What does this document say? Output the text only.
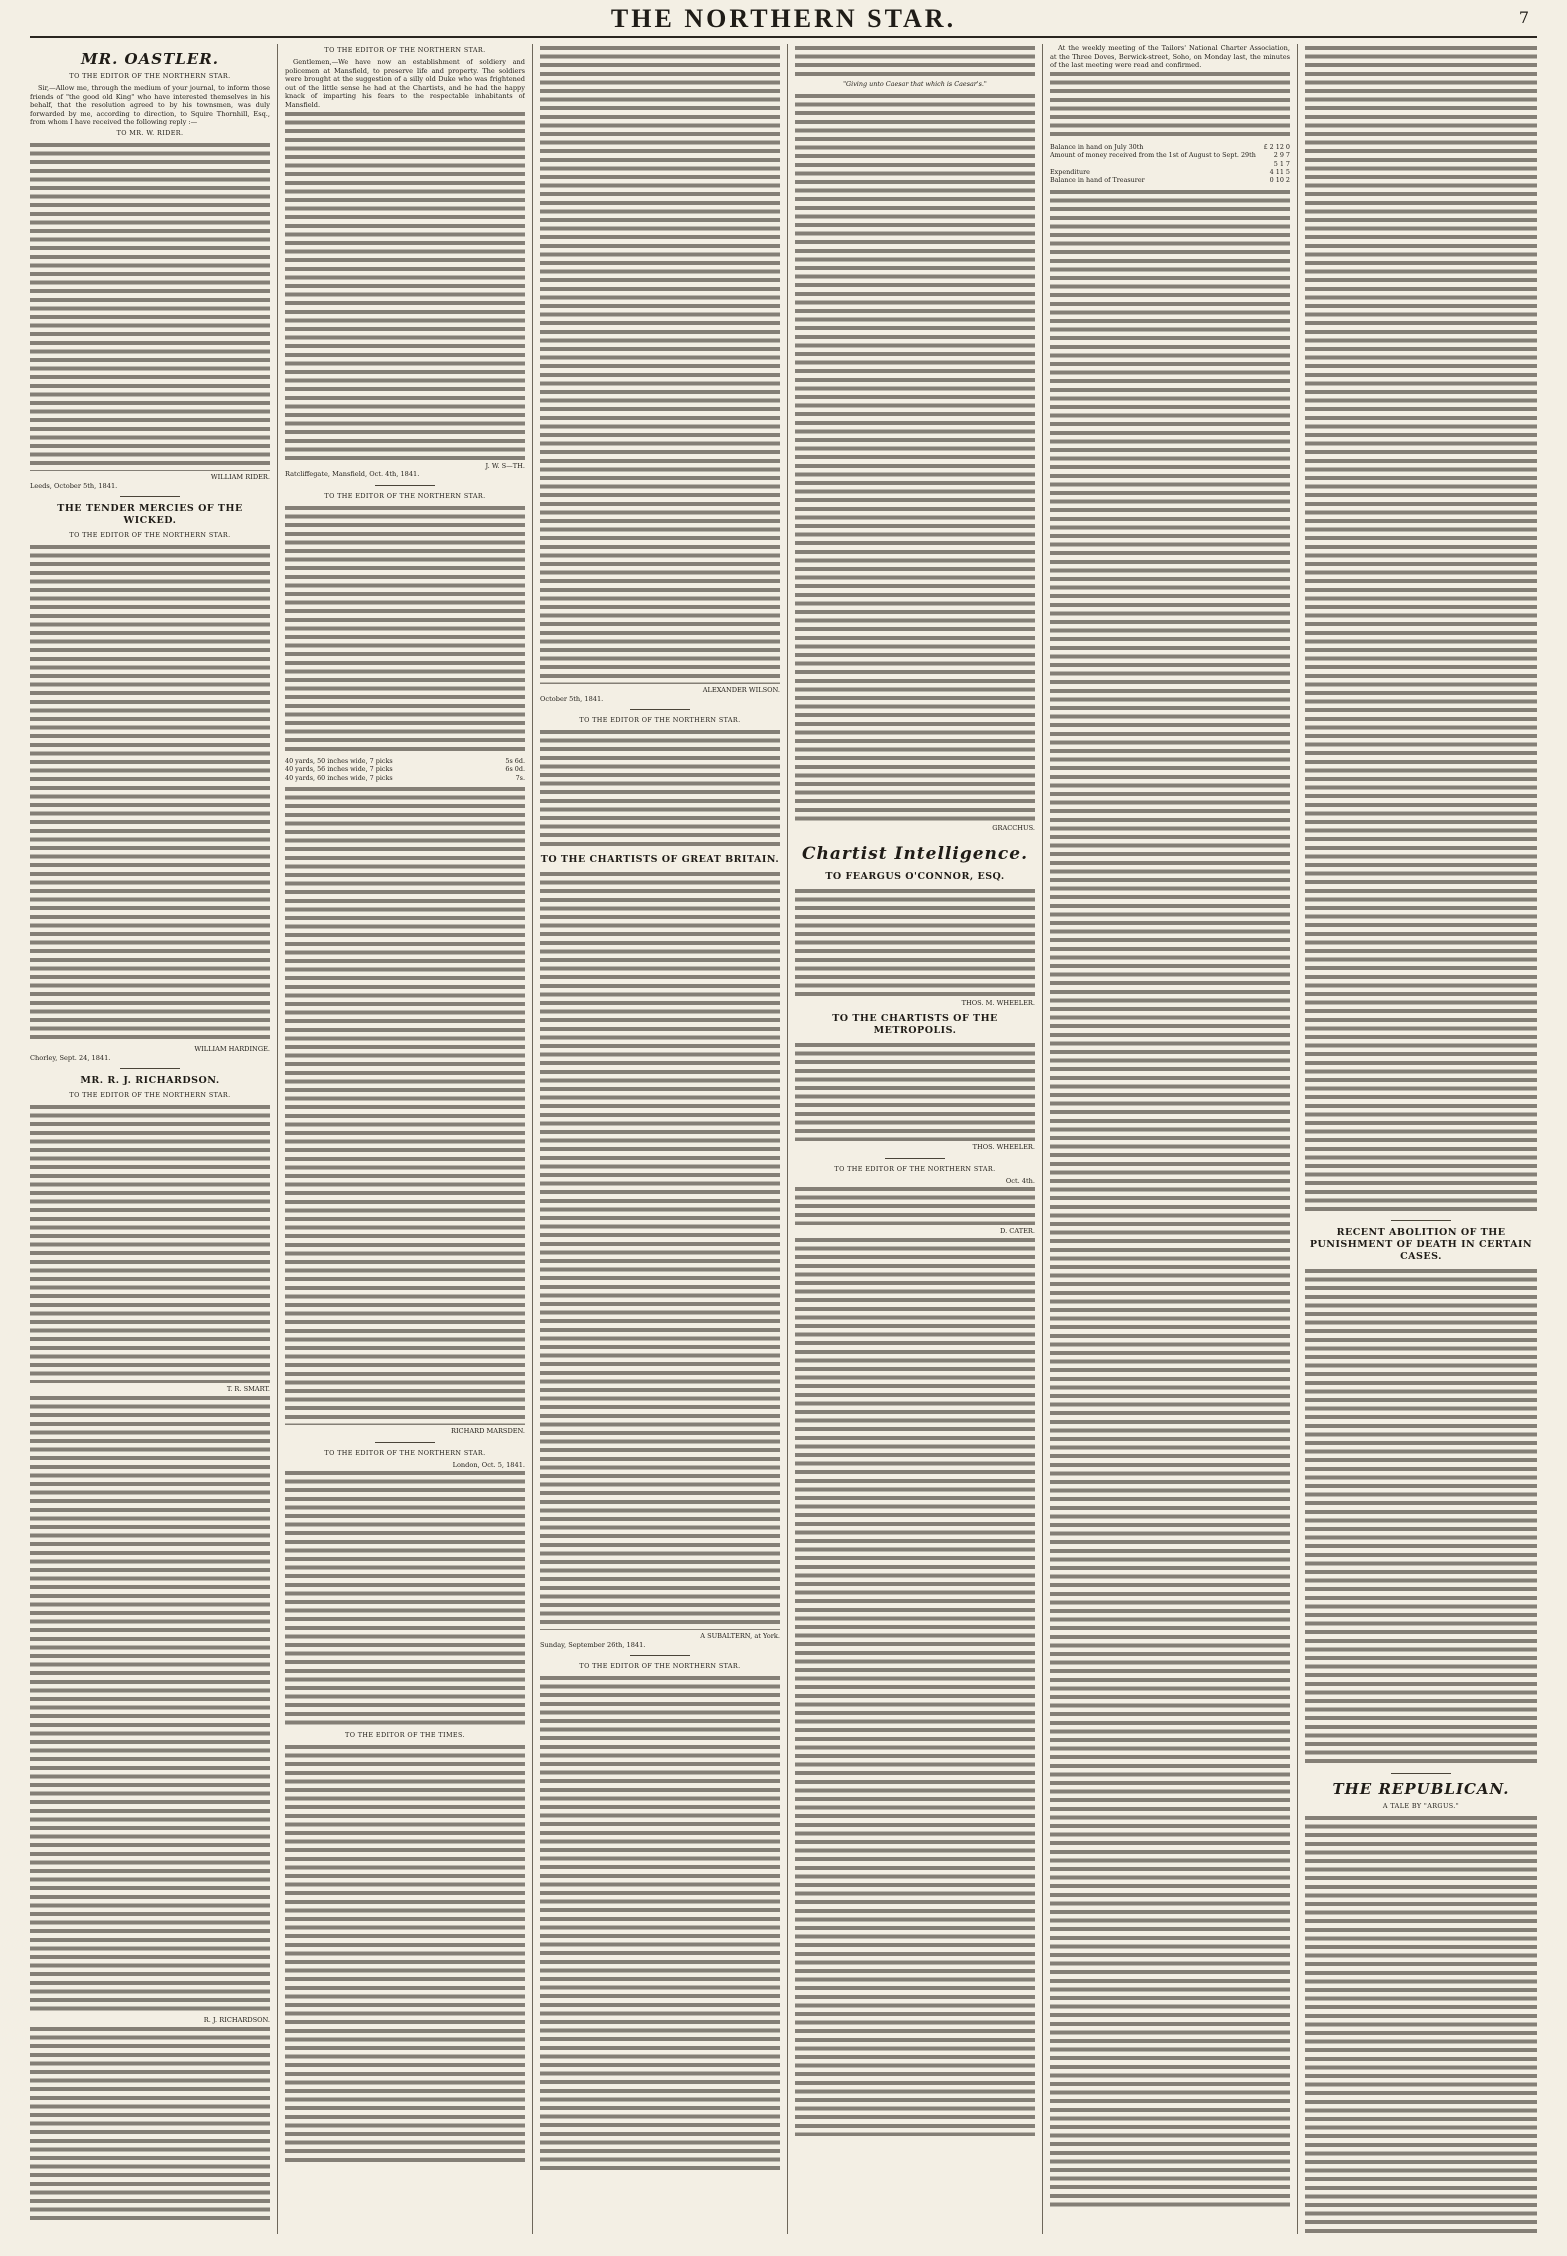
THE NORTHERN STAR.	7
MR. OASTLER.
TO THE EDITOR OF THE NORTHERN STAR.

Sir,—Allow me, through the medium of your journal, to inform those friends of "the good old King" who have interested themselves in his behalf, that the resolution agreed to by his townsmen, was duly forwarded by me, according to direction, to Squire Thornhill, Esq., from whom I have received the following reply :—

TO MR. W. RIDER.
WILLIAM RIDER.
Leeds, October 5th, 1841.
THE TENDER MERCIES OF THE WICKED.
TO THE EDITOR OF THE NORTHERN STAR.
WILLIAM HARDINGE.
Chorley, Sept. 24, 1841.
MR. R. J. RICHARDSON.
TO THE EDITOR OF THE NORTHERN STAR.
T. R. SMART.
R. J. RICHARDSON.
TO THE EDITOR OF THE NORTHERN STAR.

Gentlemen,—We have now an establishment of soldiery and policemen at Mansfield, to preserve life and property. The soldiers were brought at the suggestion of a silly old Duke who was frightened out of the little sense he had at the Chartists, and he had the happy knack of imparting his fears to the respectable inhabitants of Mansfield.

J. W. S—TH.
Ratcliffegate, Mansfield, Oct. 4th, 1841.
TO THE EDITOR OF THE NORTHERN STAR.
40 yards, 50 inches wide, 7 picks	5s 6d.
40 yards, 56 inches wide, 7 picks	6s 0d.
40 yards, 60 inches wide, 7 picks	7s.
RICHARD MARSDEN.
TO THE EDITOR OF THE NORTHERN STAR.
London, Oct. 5, 1841.
TO THE EDITOR OF THE TIMES.
ALEXANDER WILSON.
October 5th, 1841.
TO THE EDITOR OF THE NORTHERN STAR.
TO THE CHARTISTS OF GREAT BRITAIN.
A SUBALTERN, at York.
Sunday, September 26th, 1841.
TO THE EDITOR OF THE NORTHERN STAR.
"Giving unto Caesar that which is Caesar's."
GRACCHUS.
Chartist Intelligence.
TO FEARGUS O'CONNOR, ESQ.
THOS. M. WHEELER.
TO THE CHARTISTS OF THE METROPOLIS.
THOS. WHEELER.
TO THE EDITOR OF THE NORTHERN STAR.
Oct. 4th.
D. CATER.

At the weekly meeting of the Tailors' National Charter Association, at the Three Doves, Berwick-street, Soho, on Monday last, the minutes of the last meeting were read and confirmed.

Balance in hand on July 30th	£ 2 12 0
Amount of money received from the 1st of August to Sept. 29th	2 9 7
	5 1 7
Expenditure	4 11 5
Balance in hand of Treasurer	0 10 2
RECENT ABOLITION OF THE PUNISHMENT OF DEATH IN CERTAIN CASES.
THE REPUBLICAN.
A TALE BY "ARGUS."
